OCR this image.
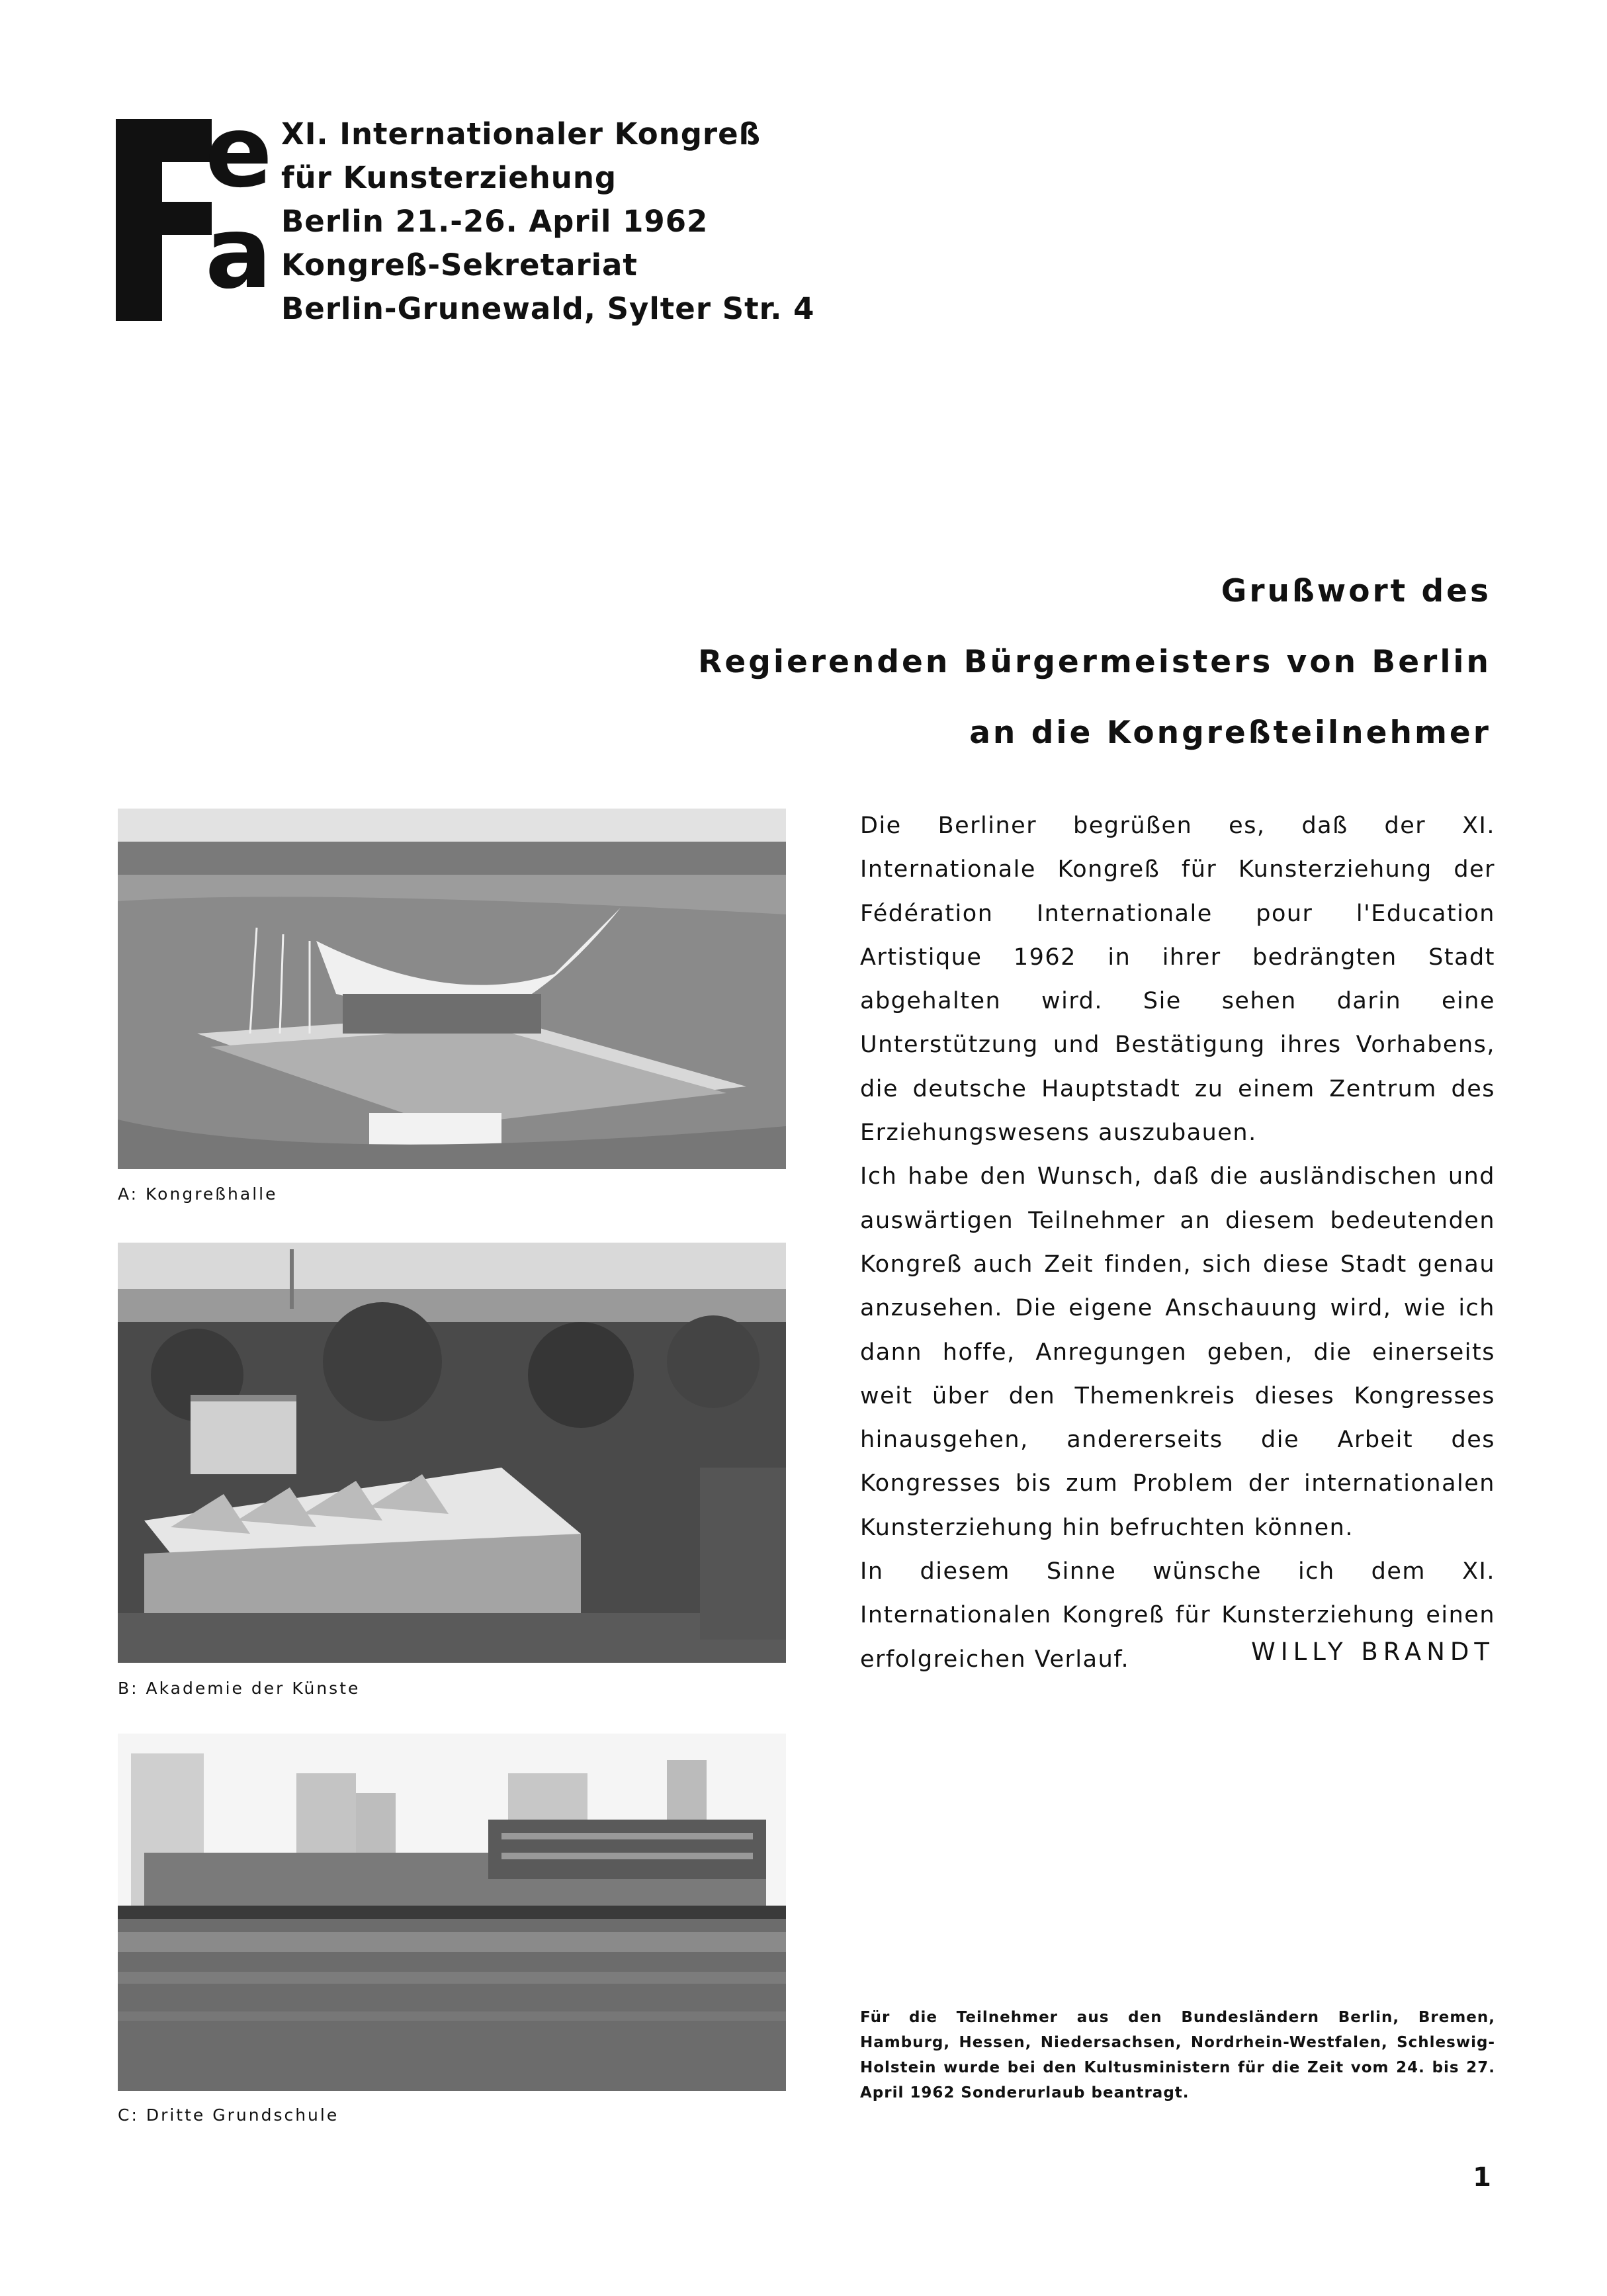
e
a
XI. Internationaler Kongreß
für Kunsterziehung
Berlin 21.-26. April 1962
Kongreß-Sekretariat
Berlin-Grunewald, Sylter Str. 4
Grußwort des
Regierenden Bürgermeisters von Berlin
an die Kongreßteilnehmer
A: Kongreßhalle
B: Akademie der Künste
C: Dritte Grundschule

Die Berliner begrüßen es, daß der XI. Internationale Kongreß für Kunsterziehung der Fédération Internationale pour l'Education Artistique 1962 in ihrer bedrängten Stadt abgehalten wird. Sie sehen darin eine Unterstützung und Bestätigung ihres Vorhabens, die deutsche Hauptstadt zu einem Zentrum des Erziehungswesens auszubauen.

Ich habe den Wunsch, daß die ausländischen und auswärtigen Teilnehmer an diesem bedeutenden Kongreß auch Zeit finden, sich diese Stadt genau anzusehen. Die eigene Anschauung wird, wie ich dann hoffe, Anregungen geben, die einerseits weit über den Themenkreis dieses Kongresses hinausgehen, andererseits die Arbeit des Kongresses bis zum Problem der internationalen Kunsterziehung hin befruchten können.

In diesem Sinne wünsche ich dem XI. Internationalen Kongreß für Kunsterziehung einen erfolgreichen Verlauf.	WILLY BRANDT

Für die Teilnehmer aus den Bundesländern Berlin, Bremen, Hamburg, Hessen, Niedersachsen, Nordrhein-Westfalen, Schleswig-Holstein wurde bei den Kultusministern für die Zeit vom 24. bis 27. April 1962 Sonderurlaub beantragt.

1
